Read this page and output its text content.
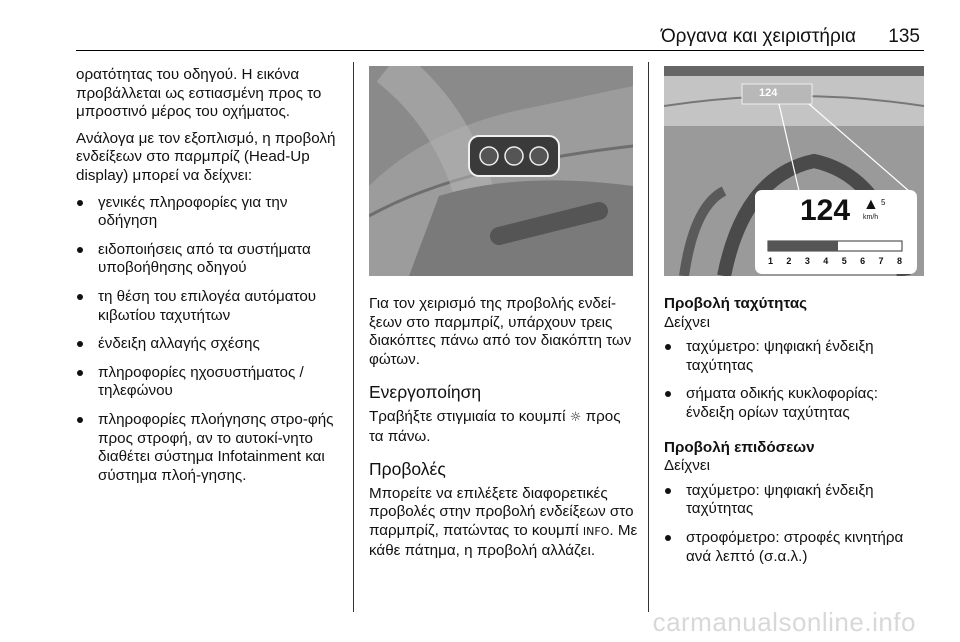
Όργανα και χειριστήρια 135

ορατότητας του οδηγού. Η εικόνα προβάλλεται ως εστιασμένη προς το μπροστινό μέρος του οχήματος.

Ανάλογα με τον εξοπλισμό, η προβολή ενδείξεων στο παρμπρίζ (Head-Up display) μπορεί να δείχνει:

γενικές πληροφορίες για την οδήγηση
ειδοποιήσεις από τα συστήματα υποβοήθησης οδηγού
τη θέση του επιλογέα αυτόματου κιβωτίου ταχυτήτων
ένδειξη αλλαγής σχέσης
πληροφορίες ηχοσυστήματος / τηλεφώνου
πληροφορίες πλοήγησης στρο-φής προς στροφή, αν το αυτοκί-νητο διαθέτει σύστημα Infotainment και σύστημα πλοή-γησης.

Για τον χειρισμό της προβολής ενδεί-ξεων στο παρμπρίζ, υπάρχουν τρεις διακόπτες πάνω από τον διακόπτη των φώτων.

Ενεργοποίηση

Τραβήξτε στιγμιαία το κουμπί ☼ προς τα πάνω.

Προβολές

Μπορείτε να επιλέξετε διαφορετικές προβολές στην προβολή ενδείξεων στο παρμπρίζ, πατώντας το κουμπί INFO. Με κάθε πάτημα, η προβολή αλλάζει.

124
124 ▲ 5
km/h
1 2 3 4 5 6 7 8
Προβολή ταχύτητας

Δείχνει

ταχύμετρο: ψηφιακή ένδειξη ταχύτητας
σήματα οδικής κυκλοφορίας: ένδειξη ορίων ταχύτητας
Προβολή επιδόσεων

Δείχνει

ταχύμετρο: ψηφιακή ένδειξη ταχύτητας
στροφόμετρο: στροφές κινητήρα ανά λεπτό (σ.α.λ.)
carmanualsonline.info
